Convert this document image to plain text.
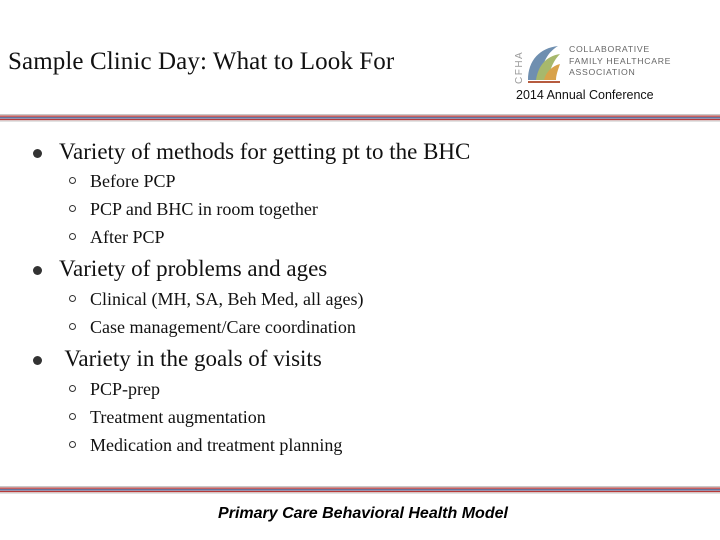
Sample Clinic Day: What to Look For	CFHA
COLLABORATIVE
FAMILY HEALTHCARE
ASSOCIATION
2014 Annual Conference
Variety of methods for getting pt to the BHC
Before PCP
PCP and BHC in room together
After PCP
Variety of problems and ages
Clinical (MH, SA, Beh Med, all ages)
Case management/Care coordination
Variety in the goals of visits
PCP-prep
Treatment augmentation
Medication and treatment planning
Primary Care Behavioral Health Model
